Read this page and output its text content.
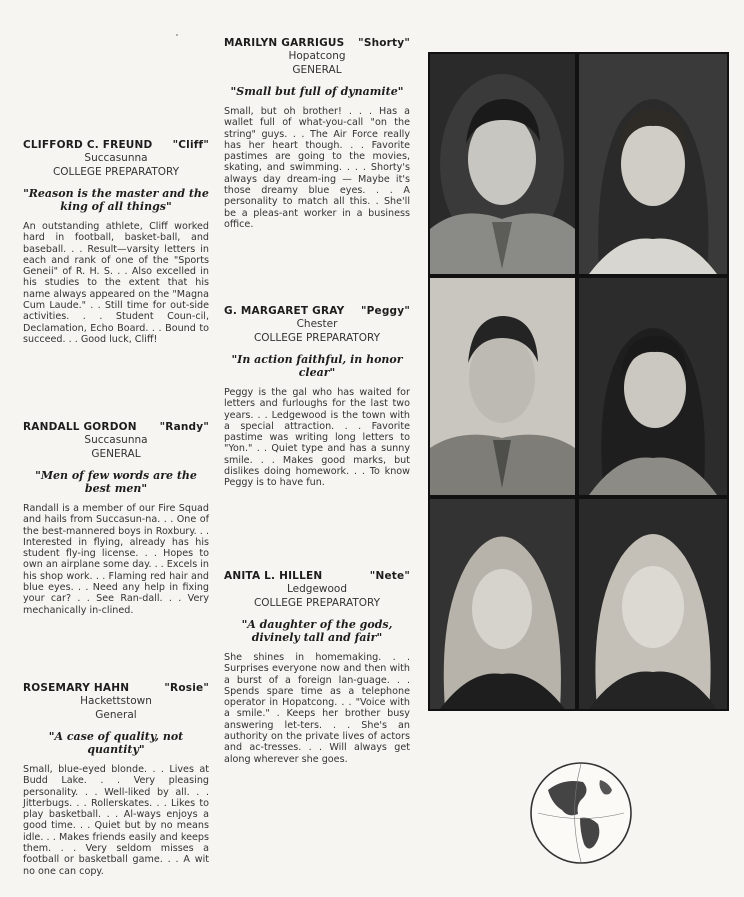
CLIFFORD C. FREUND "Cliff"
Succasunna
COLLEGE PREPARATORY
"Reason is the master and the king of all things"

An outstanding athlete, Cliff worked hard in football, basket-ball, and baseball. . . Result—varsity letters in each and rank of one of the "Sports Geneii" of R. H. S. . . Also excelled in his studies to the extent that his name always appeared on the "Magna Cum Laude." . . Still time for out-side activities. . . Student Coun-cil, Declamation, Echo Board. . . Bound to succeed. . . Good luck, Cliff!

RANDALL GORDON "Randy"
Succasunna
GENERAL
"Men of few words are the best men"

Randall is a member of our Fire Squad and hails from Succasun-na. . . One of the best-mannered boys in Roxbury. . . Interested in flying, already has his student fly-ing license. . . Hopes to own an airplane some day. . . Excels in his shop work. . . Flaming red hair and blue eyes. . . Need any help in fixing your car? . . See Ran-dall. . . Very mechanically in-clined.

ROSEMARY HAHN	"Rosie"
Hackettstown
General
"A case of quality, not quantity"

Small, blue-eyed blonde. . . Lives at Budd Lake. . . Very pleasing personality. . . Well-liked by all. . . Jitterbugs. . . Rollerskates. . . Likes to play basketball. . . Al-ways enjoys a good time. . . Quiet but by no means idle. . . Makes friends easily and keeps them. . . Very seldom misses a football or basketball game. . . A wit no one can copy.

MARILYN GARRIGUS "Shorty"
Hopatcong
GENERAL
"Small but full of dynamite"

Small, but oh brother! . . . Has a wallet full of what-you-call "on the string" guys. . . The Air Force really has her heart though. . . Favorite pastimes are going to the movies, skating, and swimming. . . . Shorty's always day dream-ing — Maybe it's those dreamy blue eyes. . . A personality to match all this. . She'll be a pleas-ant worker in a business office.

G. MARGARET GRAY "Peggy"
Chester
COLLEGE PREPARATORY
"In action faithful, in honor clear"

Peggy is the gal who has waited for letters and furloughs for the last two years. . . Ledgewood is the town with a special attraction. . . Favorite pastime was writing long letters to "Yon." . . Quiet type and has a sunny smile. . . Makes good marks, but dislikes doing homework. . . To know Peggy is to have fun.

ANITA L. HILLEN	"Nete"
Ledgewood
COLLEGE PREPARATORY
"A daughter of the gods, divinely tall and fair"

She shines in homemaking. . . Surprises everyone now and then with a burst of a foreign lan-guage. . . Spends spare time as a telephone operator in Hopatcong. . . "Voice with a smile." . Keeps her brother busy answering let-ters. . . She's an authority on the private lives of actors and ac-tresses. . . Will always get along wherever she goes.
